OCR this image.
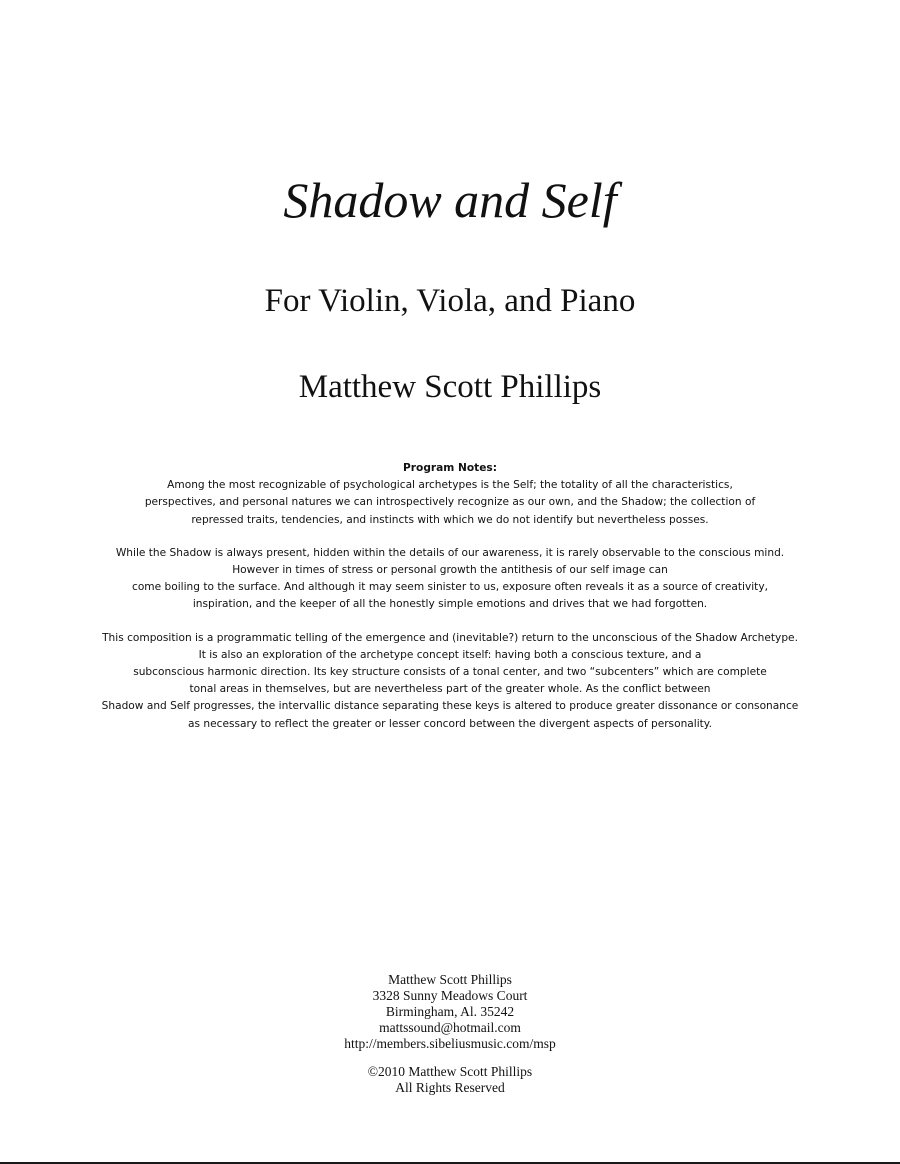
Shadow and Self
For Violin, Viola, and Piano
Matthew Scott Phillips
Program Notes:
Among the most recognizable of psychological archetypes is the Self; the totality of all the characteristics,
perspectives, and personal natures we can introspectively recognize as our own, and the Shadow; the collection of
repressed traits, tendencies, and instincts with which we do not identify but nevertheless posses.
While the Shadow is always present, hidden within the details of our awareness, it is rarely observable to the conscious mind.
However in times of stress or personal growth the antithesis of our self image can
come boiling to the surface. And although it may seem sinister to us, exposure often reveals it as a source of creativity,
inspiration, and the keeper of all the honestly simple emotions and drives that we had forgotten.
This composition is a programmatic telling of the emergence and (inevitable?) return to the unconscious of the Shadow Archetype.
It is also an exploration of the archetype concept itself: having both a conscious texture, and a
subconscious harmonic direction. Its key structure consists of a tonal center, and two “subcenters” which are complete
tonal areas in themselves, but are nevertheless part of the greater whole. As the conflict between
Shadow and Self progresses, the intervallic distance separating these keys is altered to produce greater dissonance or consonance
as necessary to reflect the greater or lesser concord between the divergent aspects of personality.
Matthew Scott Phillips
3328 Sunny Meadows Court
Birmingham, Al. 35242
mattssound@hotmail.com
http://members.sibeliusmusic.com/msp
©2010 Matthew Scott Phillips
All Rights Reserved
